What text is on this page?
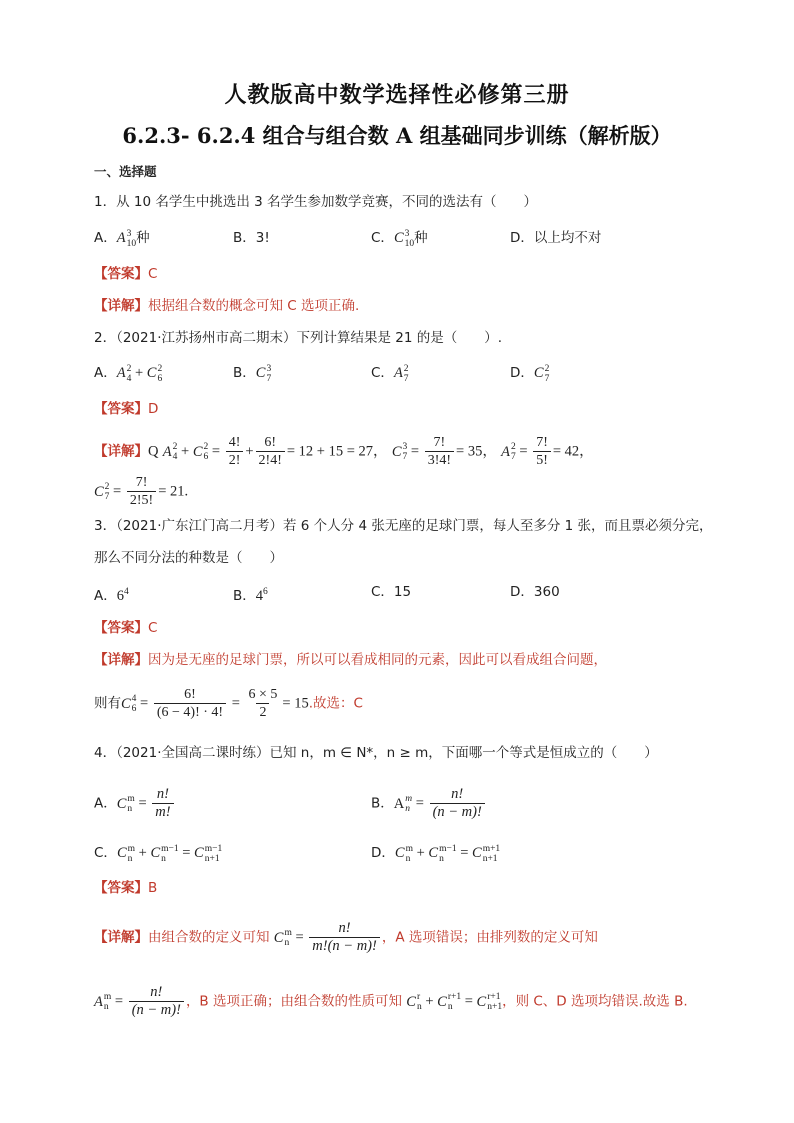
人教版高中数学选择性必修第三册
6.2.3- 6.2.4 组合与组合数 A 组基础同步训练（解析版）
一、选择题
1．从 10 名学生中挑选出 3 名学生参加数学竞赛，不同的选法有（　　）
A．A 3
10 种	B．3!	C．C 3
10 种	D．以上均不对
【答案】C
【详解】根据组合数的概念可知 C 选项正确.
2．（2021·江苏扬州市高二期末）下列计算结果是 21 的是（　　）.
A．A 2
4 + C 2
6	B．C 3
7	C．A 2
7	D．C 2
7
【答案】D
【详解】Q A 2
4 + C 2
$6 = \frac{4!}{2!} + \frac{6!}{2!4!} = 12 + 15 = 27$， C 3
$7 = \frac{7!}{3!4!} = 35$， A 2
$7 = \frac{7!}{5!} = 42$，
C 2
$7 = \frac{7!}{2!5!} = 21$.
3．（2021·广东江门高二月考）若 6 个人分 4 张无座的足球门票，每人至多分 1 张，而且票必须分完，
那么不同分法的种数是（　　）
A．$6^4$	B．$4^6$	C．15	D．360
【答案】C
【详解】因为是无座的足球门票，所以可以看成相同的元素，因此可以看成组合问题，
则有C 4
$6 = \frac{6!}{(6 - 4)! \cdot 4!} = \frac{6 \times 5}{2} = 15$.故选：C
4．（2021·全国高二课时练）已知 n，m ∈ N*，n ≥ m，下面哪一个等式是恒成立的（　　）
A．C m
$n = \frac{n!}{m!}$	B．A m
$n = \frac{n!}{(n - m)!}$
C．C m
n + C m−1
n = C m−1
n+1	D．C m
n + C m−1
n = C m+1
n+1
【答案】B
【详解】由组合数的定义可知 C m
$n = \frac{n!}{m!(n - m)!}$ ，A 选项错误；由排列数的定义可知
A m
$n = \frac{n!}{(n - m)!}$ ，B 选项正确；由组合数的性质可知 C r
n + C r+1
n = C r+1
n+1 ，则 C、D 选项均错误.故选 B.
